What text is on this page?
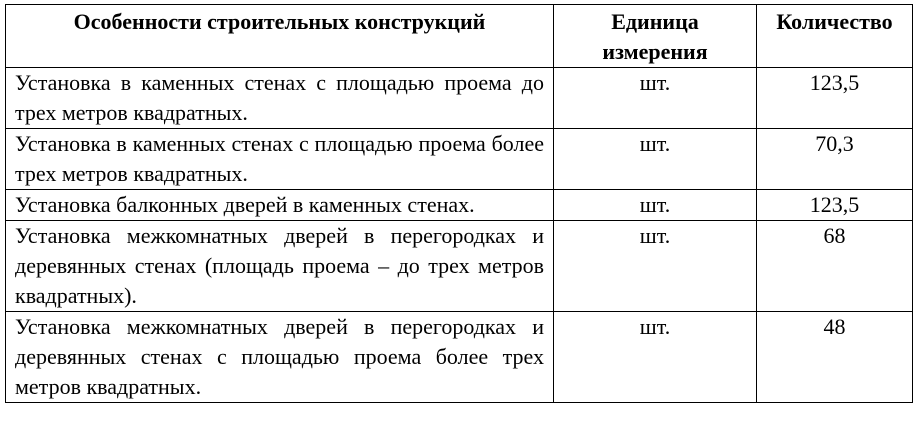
Особенности строительных конструкций	Единица измерения	Количество
Установка в каменных стенах с площадью проема до трех метров квадратных.	шт.	123,5
Установка в каменных стенах с площадью проема более трех метров квадратных.	шт.	70,3
Установка балконных дверей в каменных стенах.	шт.	123,5
Установка межкомнатных дверей в перегородках и деревянных стенах (площадь проема – до трех метров квадратных).	шт.	68
Установка межкомнатных дверей в перегородках и деревянных стенах с площадью проема более трех метров квадратных.	шт.	48
